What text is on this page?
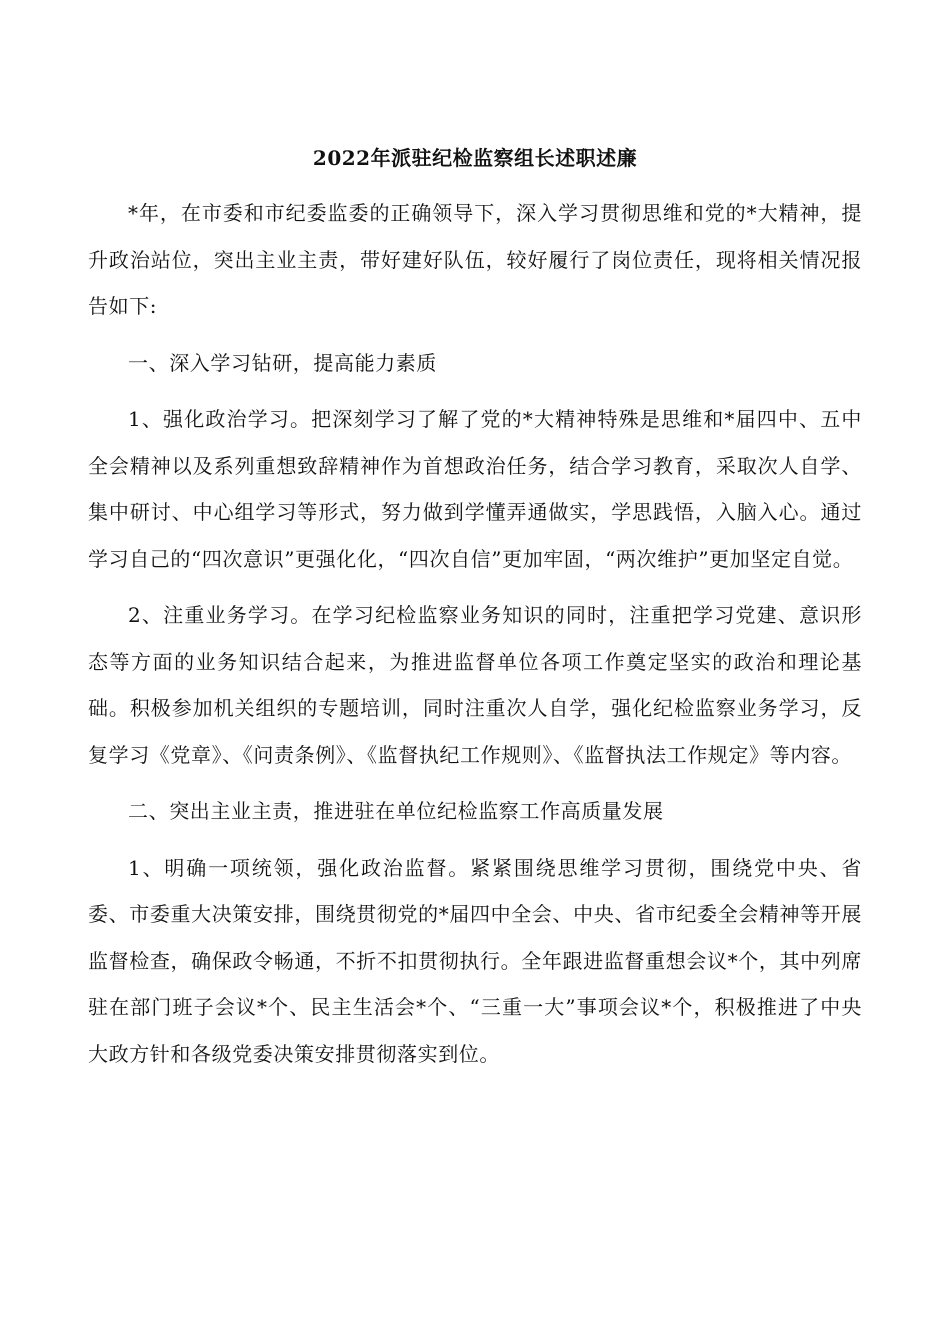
2022年派驻纪检监察组长述职述廉

*年，在市委和市纪委监委的正确领导下，深入学习贯彻思维和党的*大精神，提升政治站位，突出主业主责，带好建好队伍，较好履行了岗位责任，现将相关情况报告如下:

一、深入学习钻研，提高能力素质

1、强化政治学习。把深刻学习了解了党的*大精神特殊是思维和*届四中、五中全会精神以及系列重想致辞精神作为首想政治任务，结合学习教育，采取次人自学、集中研讨、中心组学习等形式，努力做到学懂弄通做实，学思践悟，入脑入心。通过学习自己的“四次意识”更强化化，“四次自信”更加牢固，“两次维护”更加坚定自觉。

2、注重业务学习。在学习纪检监察业务知识的同时，注重把学习党建、意识形态等方面的业务知识结合起来，为推进监督单位各项工作奠定坚实的政治和理论基础。积极参加机关组织的专题培训，同时注重次人自学，强化纪检监察业务学习，反复学习《党章》、《问责条例》、《监督执纪工作规则》、《监督执法工作规定》等内容。

二、突出主业主责，推进驻在单位纪检监察工作高质量发展

1、明确一项统领，强化政治监督。紧紧围绕思维学习贯彻，围绕党中央、省委、市委重大决策安排，围绕贯彻党的*届四中全会、中央、省市纪委全会精神等开展监督检查，确保政令畅通，不折不扣贯彻执行。全年跟进监督重想会议*个，其中列席驻在部门班子会议*个、民主生活会*个、“三重一大”事项会议*个，积极推进了中央大政方针和各级党委决策安排贯彻落实到位。
